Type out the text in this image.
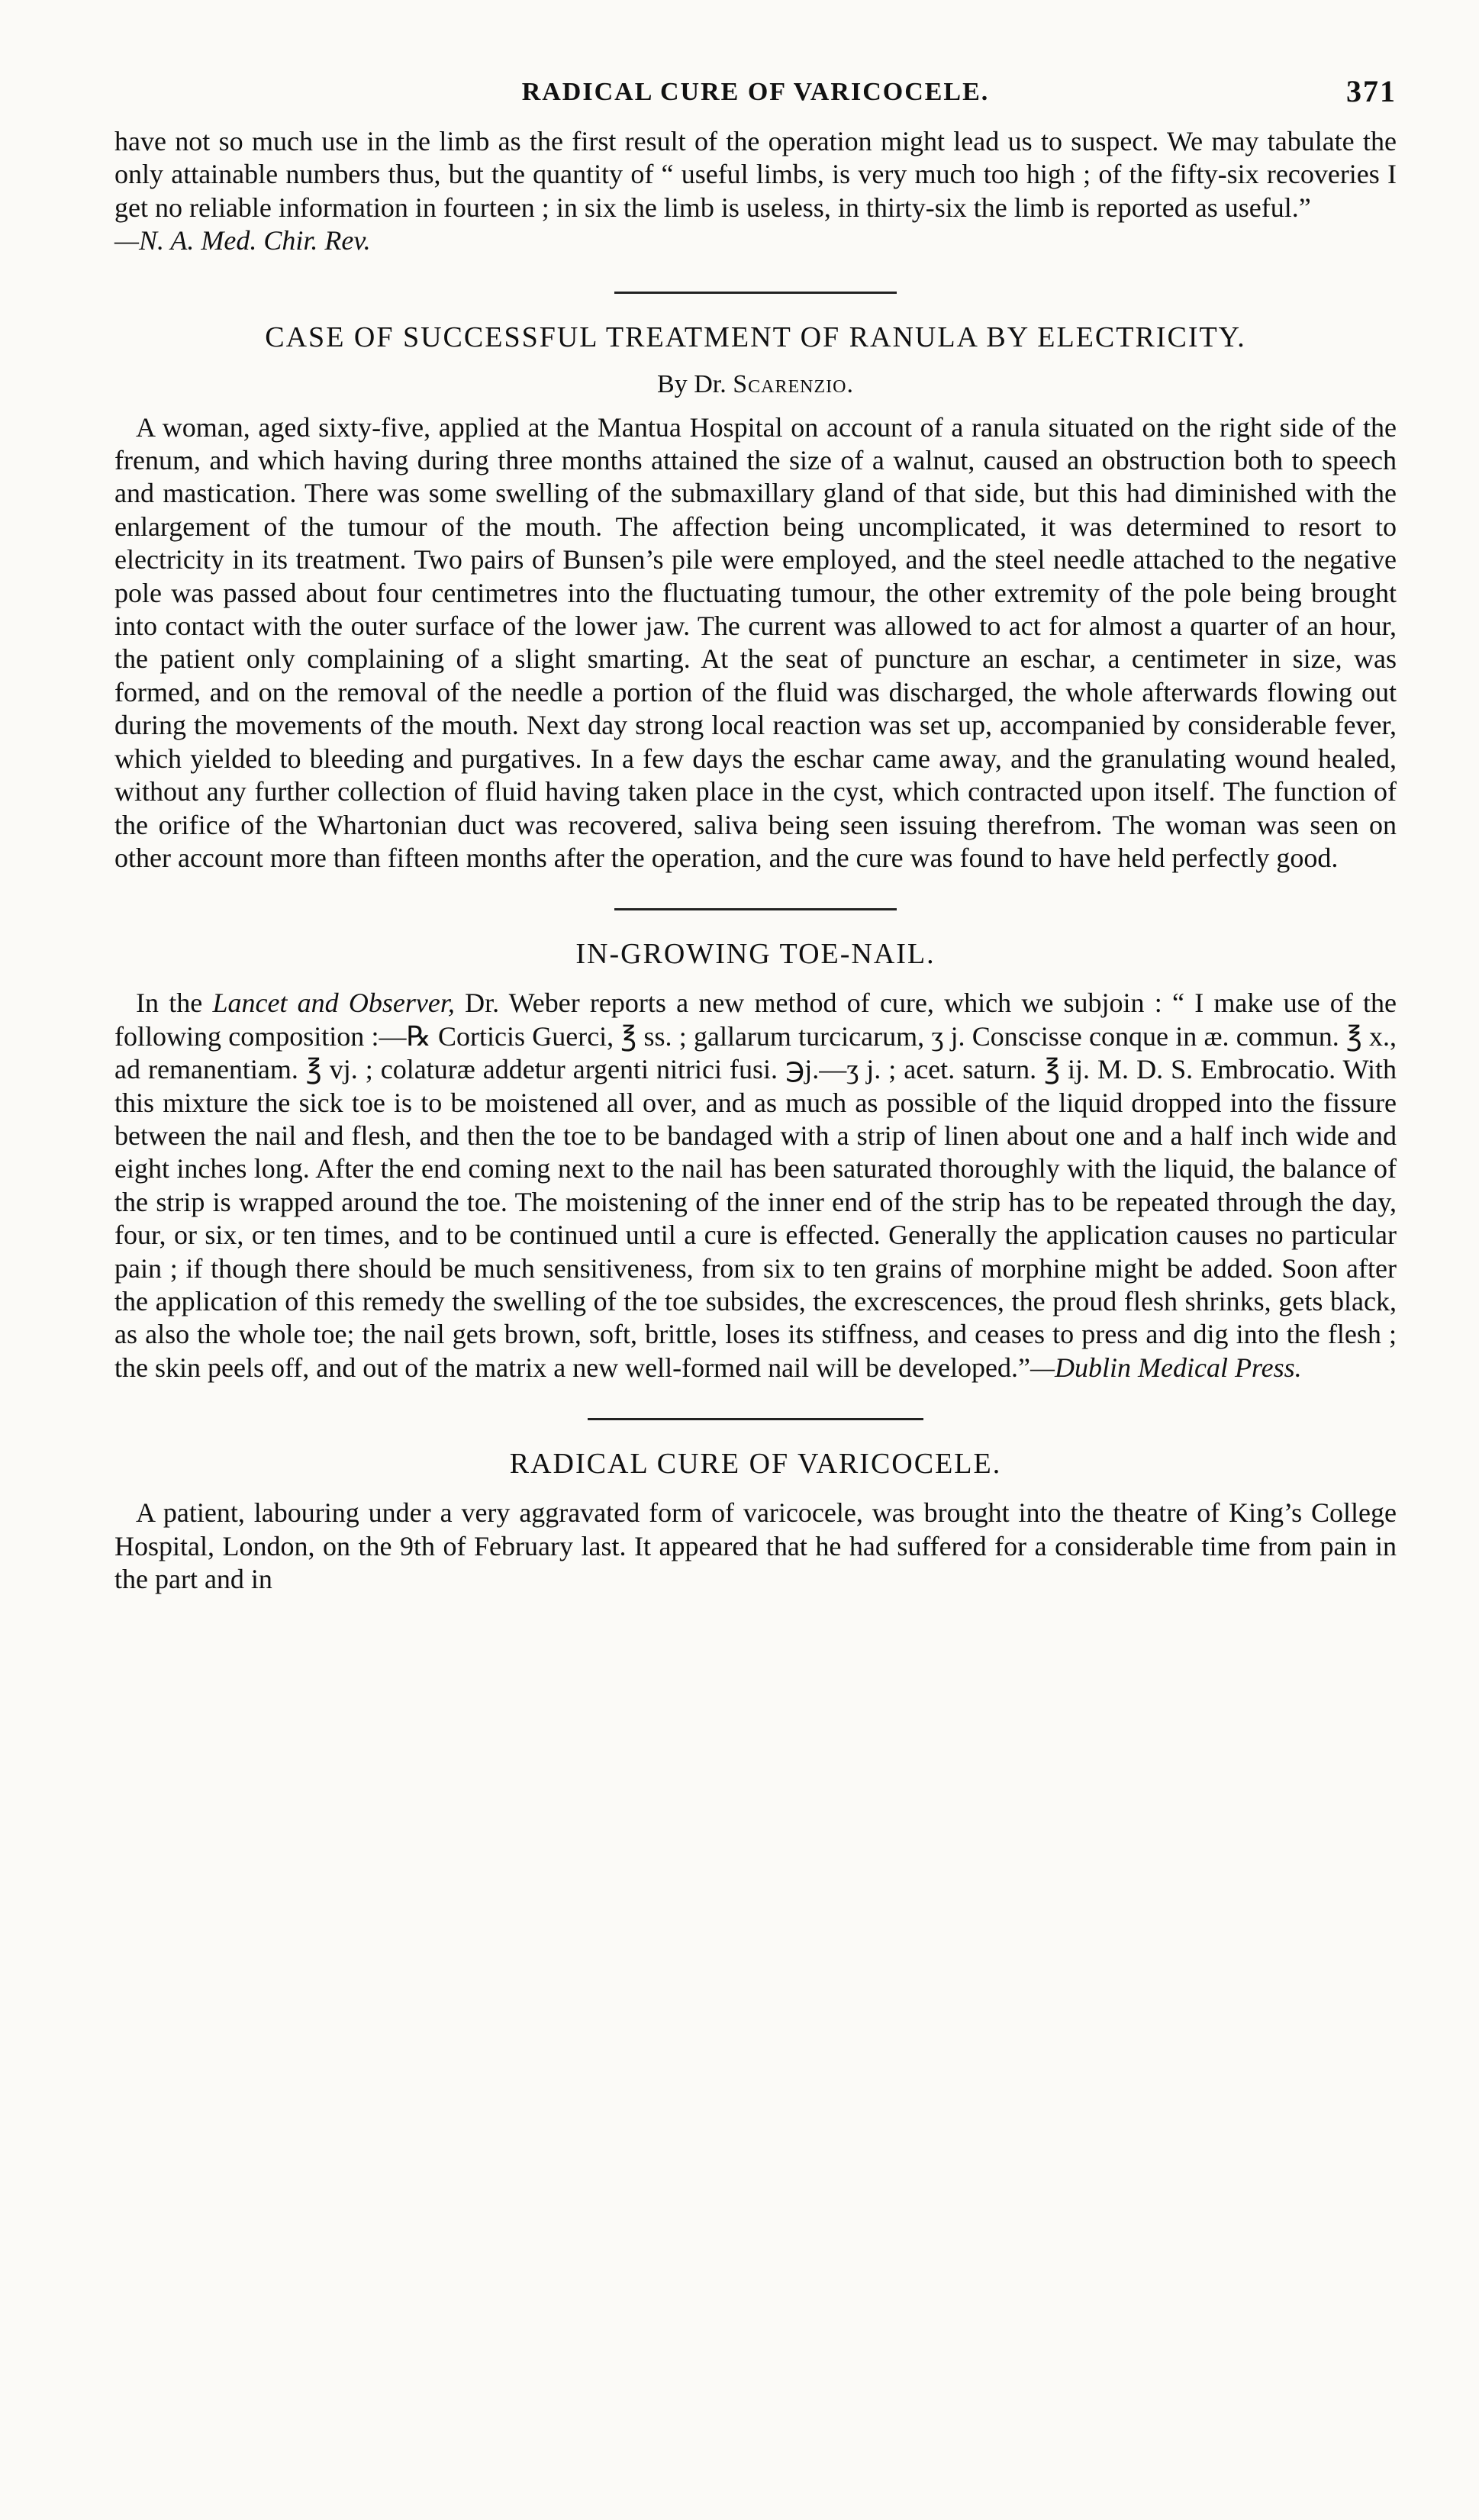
RADICAL CURE OF VARICOCELE.	371

have not so much use in the limb as the first result of the operation might lead us to suspect. We may tabulate the only attainable numbers thus, but the quantity of “ useful limbs, is very much too high ; of the fifty-six recoveries I get no reliable information in fourteen ; in six the limb is useless, in thirty-six the limb is reported as useful.”

—N. A. Med. Chir. Rev.

CASE OF SUCCESSFUL TREATMENT OF RANULA BY ELECTRICITY.
By Dr. Scarenzio.

A woman, aged sixty-five, applied at the Mantua Hospital on account of a ranula situated on the right side of the frenum, and which having during three months attained the size of a walnut, caused an obstruction both to speech and mastication. There was some swelling of the submaxillary gland of that side, but this had diminished with the enlargement of the tumour of the mouth. The affection being uncomplicated, it was determined to resort to electricity in its treatment. Two pairs of Bunsen’s pile were employed, and the steel needle attached to the negative pole was passed about four centimetres into the fluctuating tumour, the other extremity of the pole being brought into contact with the outer surface of the lower jaw. The current was allowed to act for almost a quarter of an hour, the patient only complaining of a slight smarting. At the seat of puncture an eschar, a centimeter in size, was formed, and on the removal of the needle a portion of the fluid was discharged, the whole afterwards flowing out during the movements of the mouth. Next day strong local reaction was set up, accompanied by considerable fever, which yielded to bleeding and purgatives. In a few days the eschar came away, and the granulating wound healed, without any further collection of fluid having taken place in the cyst, which contracted upon itself. The function of the orifice of the Whartonian duct was recovered, saliva being seen issuing therefrom. The woman was seen on other account more than fifteen months after the operation, and the cure was found to have held perfectly good.

IN-GROWING TOE-NAIL.

In the Lancet and Observer, Dr. Weber reports a new method of cure, which we subjoin : “ I make use of the following composition :—℞ Corticis Guerci, ℥ ss. ; gallarum turcicarum, ʒ j. Conscisse conque in æ. commun. ℥ x., ad remanentiam. ℥ vj. ; colaturæ addetur argenti nitrici fusi. ℈j.—ʒ j. ; acet. saturn. ℥ ij. M. D. S. Embrocatio. With this mixture the sick toe is to be moistened all over, and as much as possible of the liquid dropped into the fissure between the nail and flesh, and then the toe to be bandaged with a strip of linen about one and a half inch wide and eight inches long. After the end coming next to the nail has been saturated thoroughly with the liquid, the balance of the strip is wrapped around the toe. The moistening of the inner end of the strip has to be repeated through the day, four, or six, or ten times, and to be continued until a cure is effected. Generally the application causes no particular pain ; if though there should be much sensitiveness, from six to ten grains of morphine might be added. Soon after the application of this remedy the swelling of the toe subsides, the excrescences, the proud flesh shrinks, gets black, as also the whole toe; the nail gets brown, soft, brittle, loses its stiffness, and ceases to press and dig into the flesh ; the skin peels off, and out of the matrix a new well-formed nail will be developed.”—Dublin Medical Press.

RADICAL CURE OF VARICOCELE.

A patient, labouring under a very aggravated form of varicocele, was brought into the theatre of King’s College Hospital, London, on the 9th of February last. It appeared that he had suffered for a considerable time from pain in the part and in
